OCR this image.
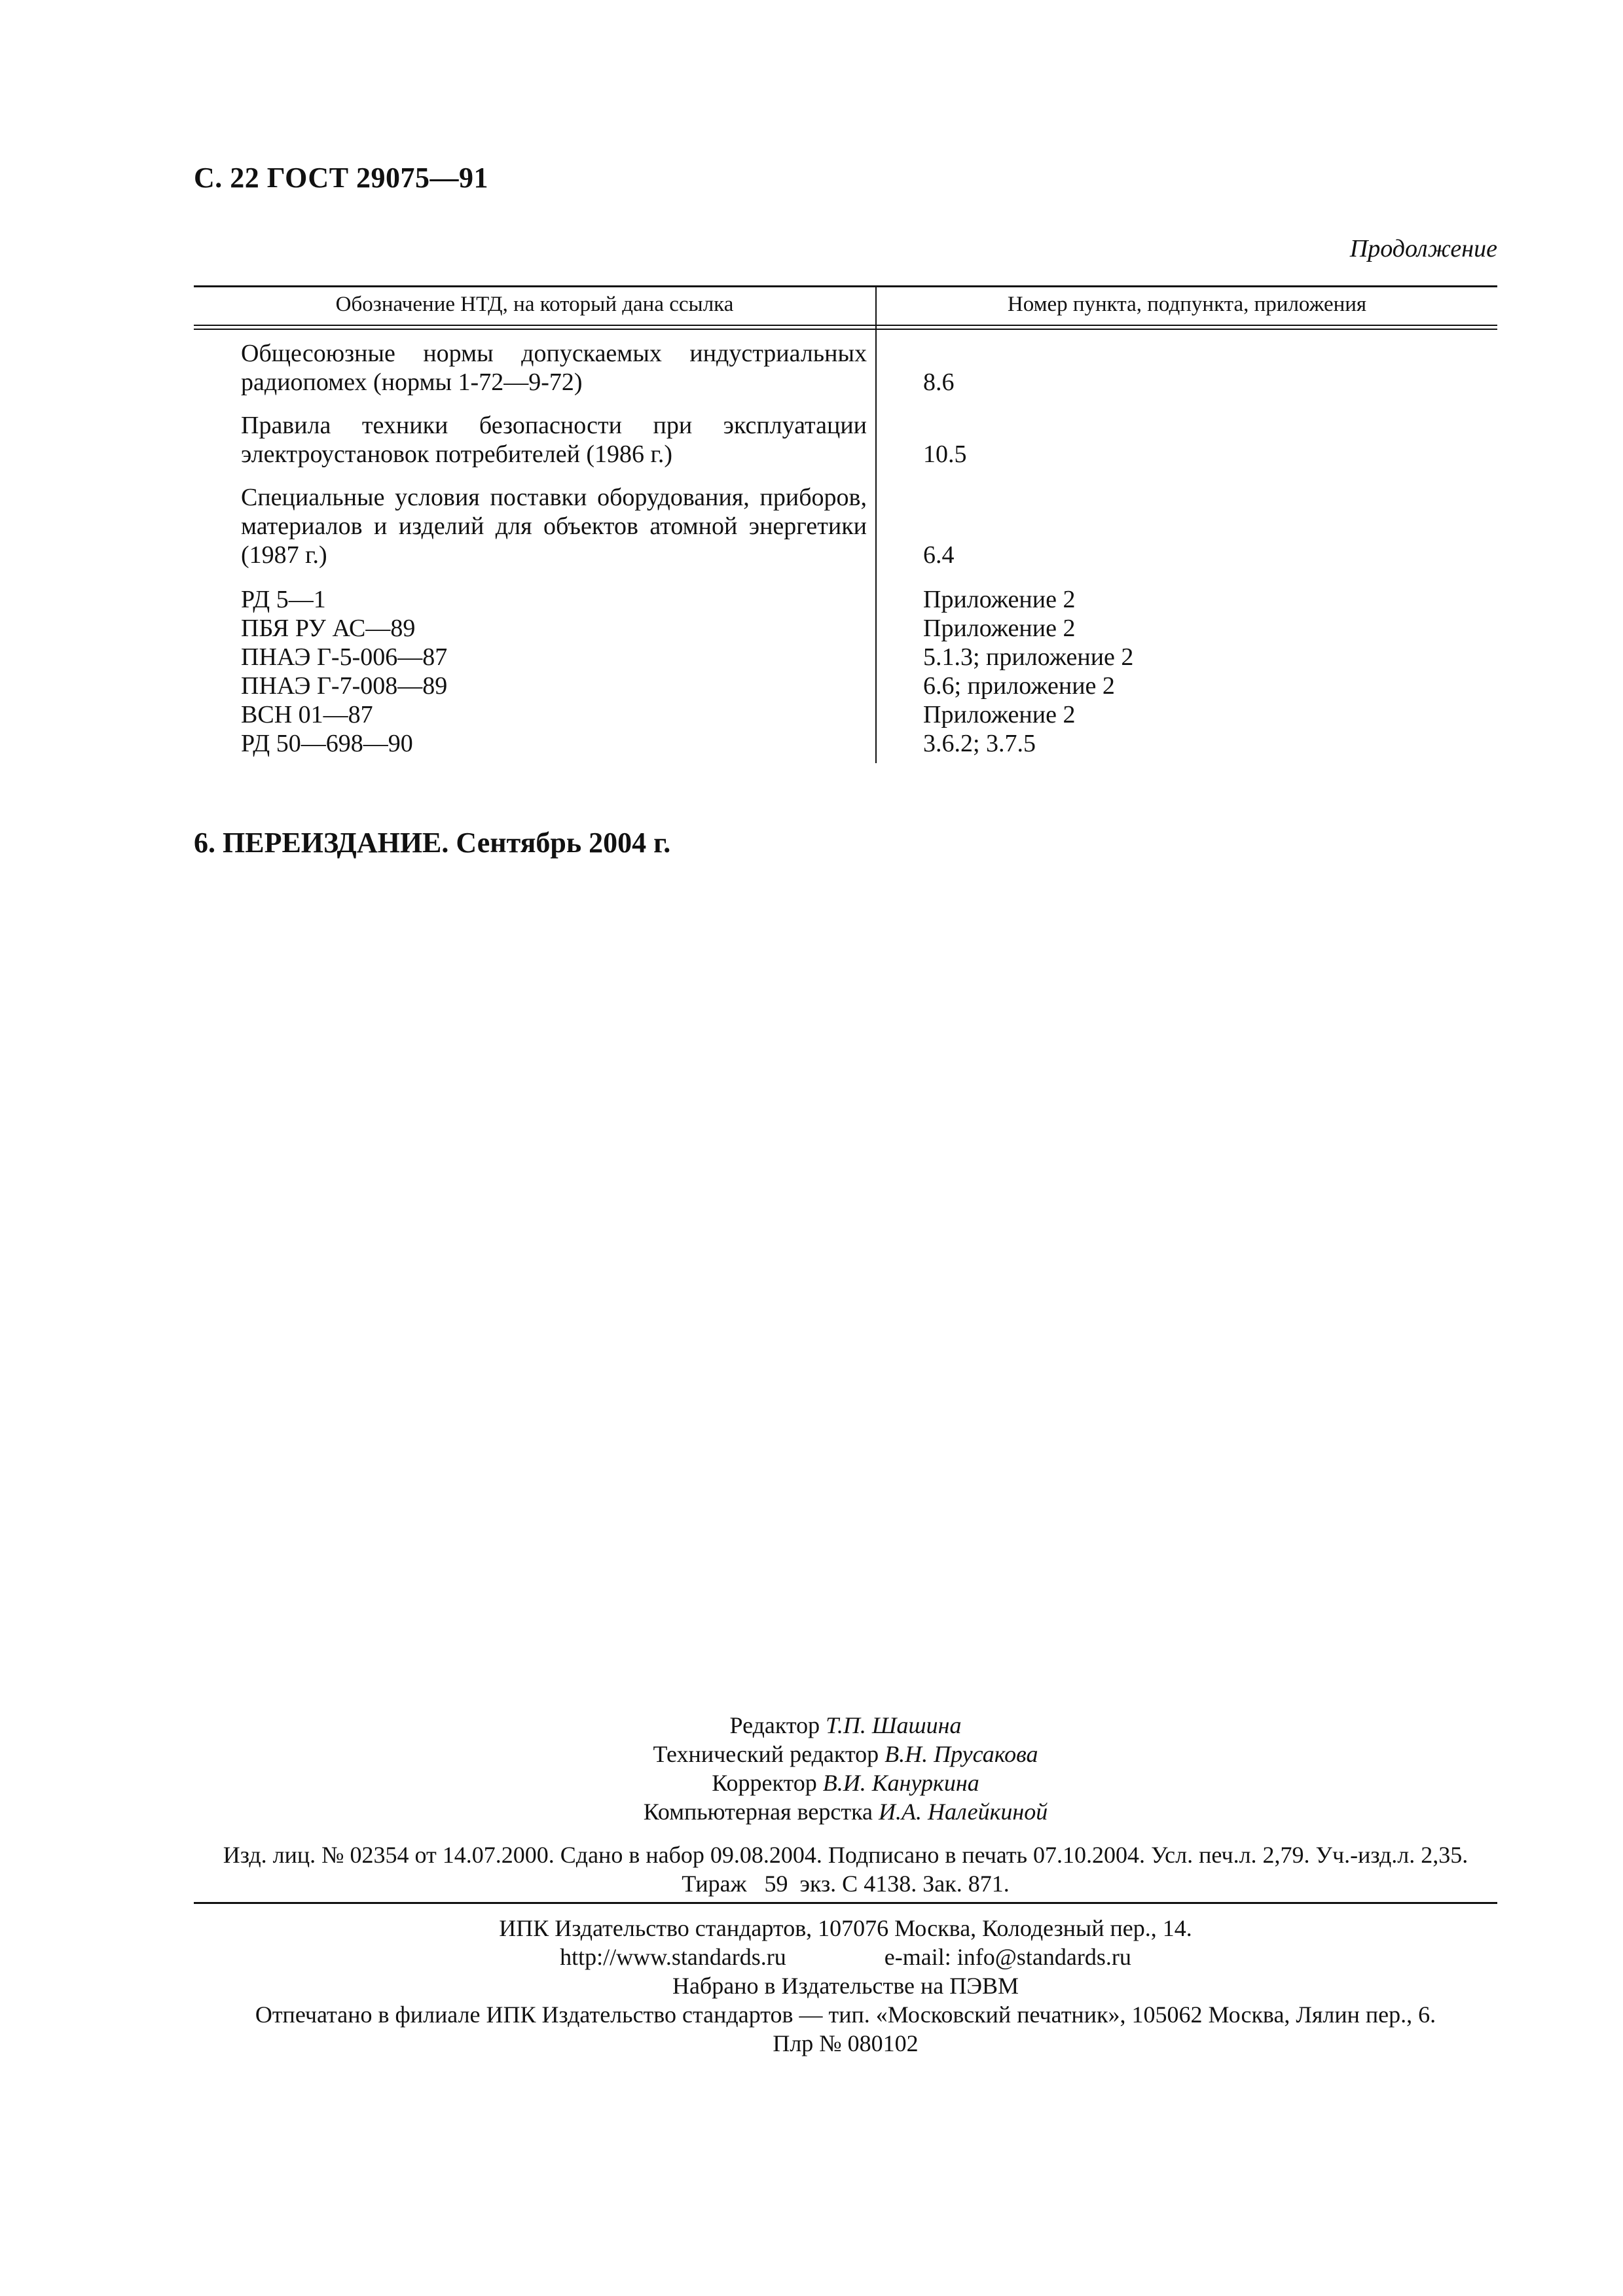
С. 22 ГОСТ 29075—91
Продолжение
Обозначение НТД, на который дана ссылка	Номер пункта, подпункта, приложения
Общесоюзные нормы допускаемых индустриальных радиопомех (нормы 1-72—9-72)	8.6
Правила техники безопасности при эксплуатации электроустановок потребителей (1986 г.)	10.5
Специальные условия поставки оборудования, приборов, материалов и изделий для объектов атомной энергетики (1987 г.)	6.4
РД 5—1	Приложение 2
ПБЯ РУ АС—89	Приложение 2
ПНАЭ Г-5-006—87	5.1.3; приложение 2
ПНАЭ Г-7-008—89	6.6; приложение 2
ВСН 01—87	Приложение 2
РД 50—698—90	3.6.2; 3.7.5
6. ПЕРЕИЗДАНИЕ. Сентябрь 2004 г.
Редактор Т.П. Шашина
Технический редактор В.Н. Прусакова
Корректор В.И. Кануркина
Компьютерная верстка И.А. Налейкиной
Изд. лиц. № 02354 от 14.07.2000. Сдано в набор 09.08.2004. Подписано в печать 07.10.2004. Усл. печ.л. 2,79. Уч.-изд.л. 2,35.
Тираж   59  экз. С 4138. Зак. 871.
ИПК Издательство стандартов, 107076 Москва, Колодезный пер., 14.
http://www.standards.ru	e-mail: info@standards.ru
Набрано в Издательстве на ПЭВМ
Отпечатано в филиале ИПК Издательство стандартов — тип. «Московский печатник», 105062 Москва, Лялин пер., 6.
Плр № 080102
